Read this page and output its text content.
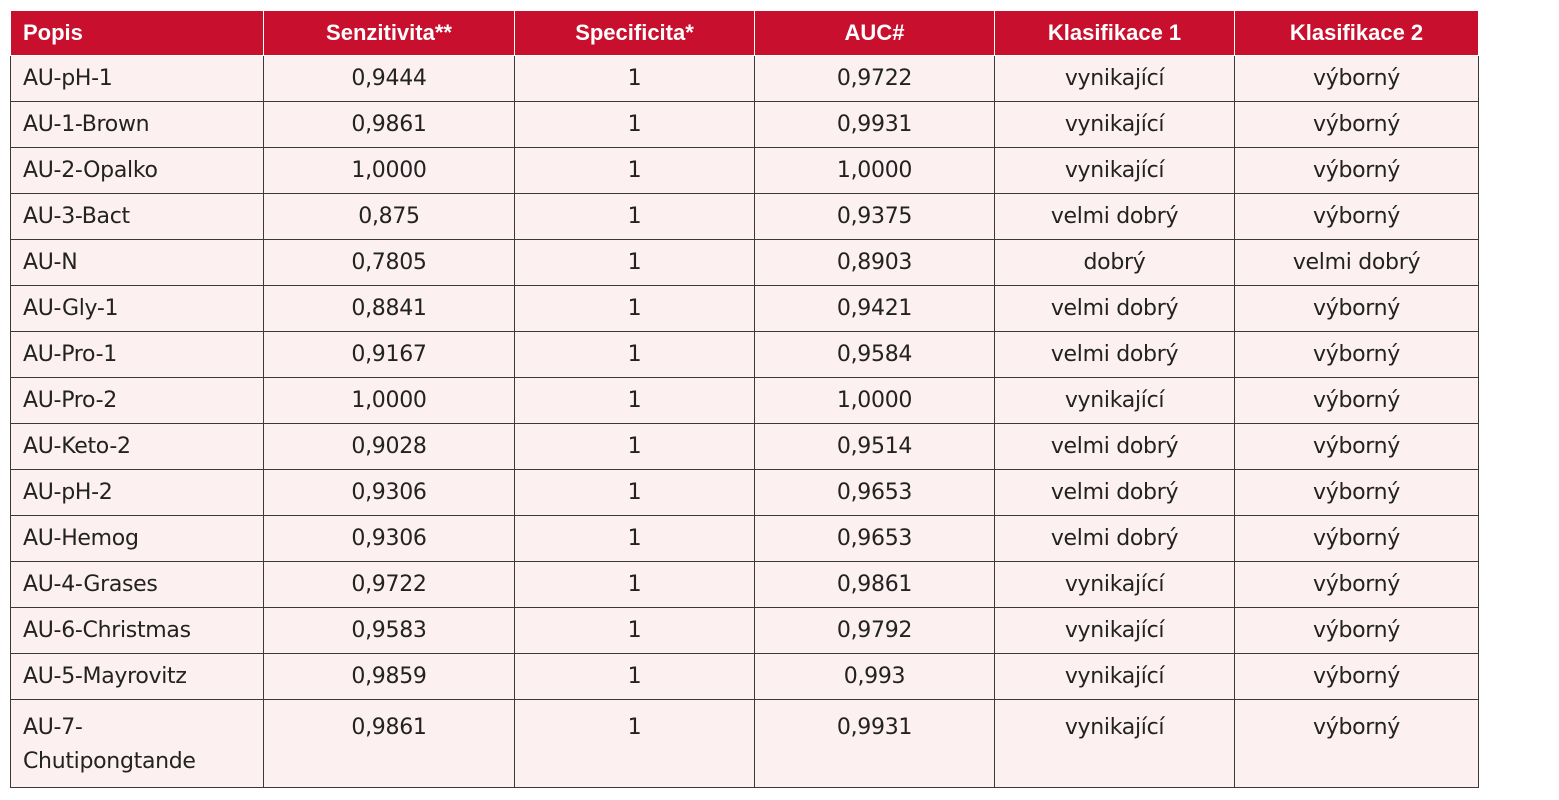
Popis	Senzitivita**	Specificita*	AUC#	Klasifikace 1	Klasifikace 2
AU-pH-1	0,9444	1	0,9722	vynikající	výborný
AU-1-Brown	0,9861	1	0,9931	vynikající	výborný
AU-2-Opalko	1,0000	1	1,0000	vynikající	výborný
AU-3-Bact	0,875	1	0,9375	velmi dobrý	výborný
AU-N	0,7805	1	0,8903	dobrý	velmi dobrý
AU-Gly-1	0,8841	1	0,9421	velmi dobrý	výborný
AU-Pro-1	0,9167	1	0,9584	velmi dobrý	výborný
AU-Pro-2	1,0000	1	1,0000	vynikající	výborný
AU-Keto-2	0,9028	1	0,9514	velmi dobrý	výborný
AU-pH-2	0,9306	1	0,9653	velmi dobrý	výborný
AU-Hemog	0,9306	1	0,9653	velmi dobrý	výborný
AU-4-Grases	0,9722	1	0,9861	vynikající	výborný
AU-6-Christmas	0,9583	1	0,9792	vynikající	výborný
AU-5-Mayrovitz	0,9859	1	0,993	vynikající	výborný
AU-7-
Chutipongtande	0,9861	1	0,9931	vynikající	výborný
